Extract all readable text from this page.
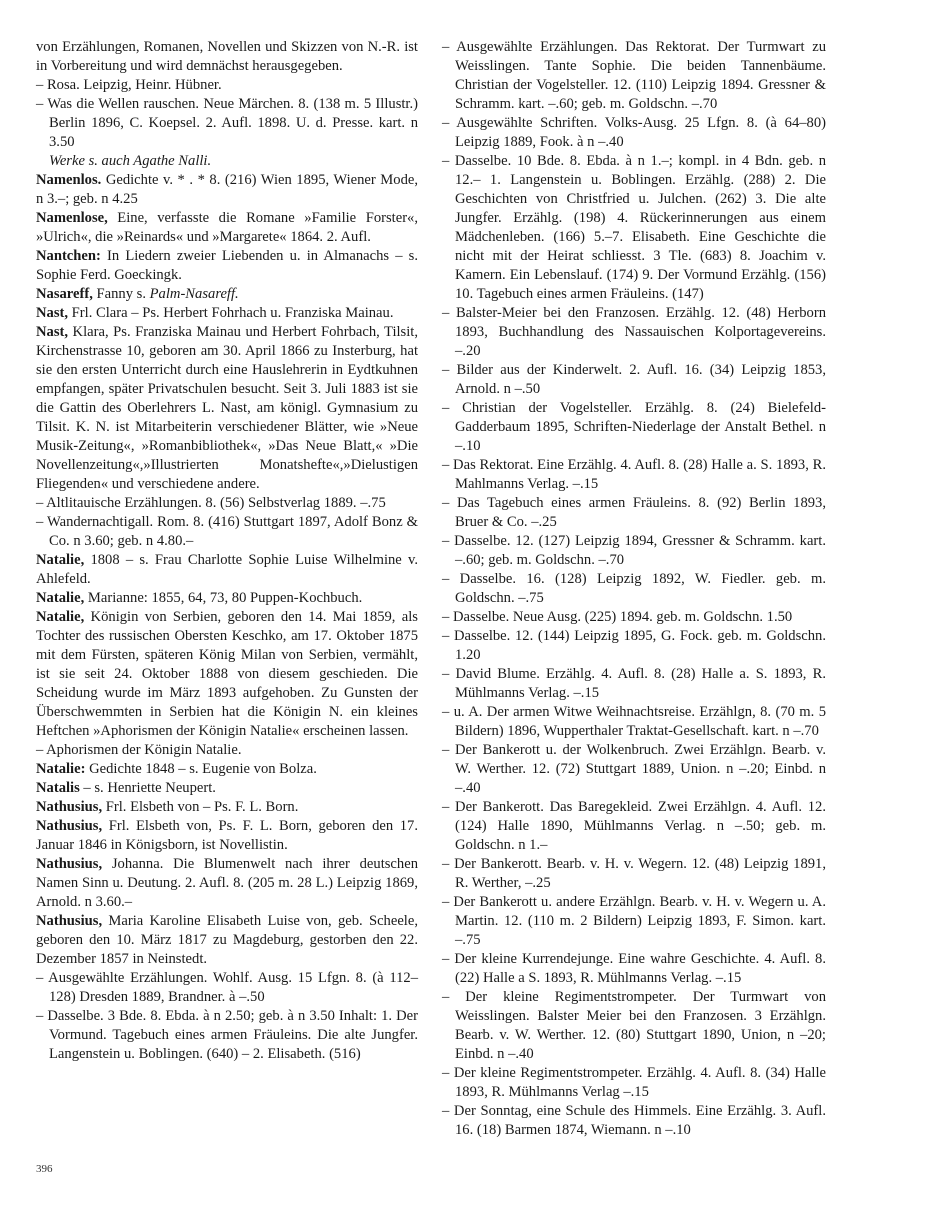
von Erzählungen, Romanen, Novellen und Skizzen von N.-R. ist in Vorbereitung und wird demnächst herausgegeben.

– Rosa. Leipzig, Heinr. Hübner.

– Was die Wellen rauschen. Neue Märchen. 8. (138 m. 5 Illustr.) Berlin 1896, C. Koepsel. 2. Aufl. 1898. U. d. Presse. kart. n 3.50

Werke s. auch Agathe Nalli.

Namenlos. Gedichte v. * . * 8. (216) Wien 1895, Wiener Mode, n 3.–; geb. n 4.25

Namenlose, Eine, verfasste die Romane »Familie Forster«, »Ulrich«, die »Reinards« und »Margarete« 1864. 2. Aufl.

Nantchen: In Liedern zweier Liebenden u. in Almanachs – s. Sophie Ferd. Goeckingk.

Nasareff, Fanny s. Palm-Nasareff.

Nast, Frl. Clara – Ps. Herbert Fohrhach u. Franziska Mainau.

Nast, Klara, Ps. Franziska Mainau und Herbert Fohrbach, Tilsit, Kirchenstrasse 10, geboren am 30. April 1866 zu Insterburg, hat sie den ersten Unterricht durch eine Hauslehrerin in Eydtkuhnen empfangen, später Privatschulen besucht. Seit 3. Juli 1883 ist sie die Gattin des Oberlehrers L. Nast, am königl. Gymnasium zu Tilsit. K. N. ist Mitarbeiterin verschiedener Blätter, wie »Neue Musik-Zeitung«, »Romanbibliothek«, »Das Neue Blatt,« »Die Novellenzeitung«,»Illustrierten Monatshefte«,»Dielustigen Fliegenden« und verschiedene andere.

– Altlitauische Erzählungen. 8. (56) Selbstverlag 1889. –.75

– Wandernachtigall. Rom. 8. (416) Stuttgart 1897, Adolf Bonz & Co. n 3.60; geb. n 4.80.–

Natalie, 1808 – s. Frau Charlotte Sophie Luise Wilhelmine v. Ahlefeld.

Natalie, Marianne: 1855, 64, 73, 80 Puppen-Kochbuch.

Natalie, Königin von Serbien, geboren den 14. Mai 1859, als Tochter des russischen Obersten Keschko, am 17. Oktober 1875 mit dem Fürsten, späteren König Milan von Serbien, vermählt, ist sie seit 24. Oktober 1888 von diesem geschieden. Die Scheidung wurde im März 1893 aufgehoben. Zu Gunsten der Überschwemmten in Serbien hat die Königin N. ein kleines Heftchen »Aphorismen der Königin Natalie« erscheinen lassen.

– Aphorismen der Königin Natalie.

Natalie: Gedichte 1848 – s. Eugenie von Bolza.

Natalis – s. Henriette Neupert.

Nathusius, Frl. Elsbeth von – Ps. F. L. Born.

Nathusius, Frl. Elsbeth von, Ps. F. L. Born, geboren den 17. Januar 1846 in Königsborn, ist Novellistin.

Nathusius, Johanna. Die Blumenwelt nach ihrer deutschen Namen Sinn u. Deutung. 2. Aufl. 8. (205 m. 28 L.) Leipzig 1869, Arnold. n 3.60.–

Nathusius, Maria Karoline Elisabeth Luise von, geb. Scheele, geboren den 10. März 1817 zu Magdeburg, gestorben den 22. Dezember 1857 in Neinstedt.

– Ausgewählte Erzählungen. Wohlf. Ausg. 15 Lfgn. 8. (à 112–128) Dresden 1889, Brandner. à –.50

– Dasselbe. 3 Bde. 8. Ebda. à n 2.50; geb. à n 3.50 Inhalt: 1. Der Vormund. Tagebuch eines armen Fräuleins. Die alte Jungfer. Langenstein u. Boblingen. (640) – 2. Elisabeth. (516)

– Ausgewählte Erzählungen. Das Rektorat. Der Turmwart zu Weisslingen. Tante Sophie. Die beiden Tannenbäume. Christian der Vogelsteller. 12. (110) Leipzig 1894. Gressner & Schramm. kart. –.60; geb. m. Goldschn. –.70

– Ausgewählte Schriften. Volks-Ausg. 25 Lfgn. 8. (à 64–80) Leipzig 1889, Fook. à n –.40

– Dasselbe. 10 Bde. 8. Ebda. à n 1.–; kompl. in 4 Bdn. geb. n 12.– 1. Langenstein u. Boblingen. Erzählg. (288) 2. Die Geschichten von Christfried u. Julchen. (262) 3. Die alte Jungfer. Erzählg. (198) 4. Rückerinnerungen aus einem Mädchenleben. (166) 5.–7. Elisabeth. Eine Geschichte die nicht mit der Heirat schliesst. 3 Tle. (683) 8. Joachim v. Kamern. Ein Lebenslauf. (174) 9. Der Vormund Erzählg. (156) 10. Tagebuch eines armen Fräuleins. (147)

– Balster-Meier bei den Franzosen. Erzählg. 12. (48) Herborn 1893, Buchhandlung des Nassauischen Kolportagevereins. –.20

– Bilder aus der Kinderwelt. 2. Aufl. 16. (34) Leipzig 1853, Arnold. n –.50

– Christian der Vogelsteller. Erzählg. 8. (24) Bielefeld-Gadderbaum 1895, Schriften-Niederlage der Anstalt Bethel. n –.10

– Das Rektorat. Eine Erzählg. 4. Aufl. 8. (28) Halle a. S. 1893, R. Mahlmanns Verlag. –.15

– Das Tagebuch eines armen Fräuleins. 8. (92) Berlin 1893, Bruer & Co. –.25

– Dasselbe. 12. (127) Leipzig 1894, Gressner & Schramm. kart. –.60; geb. m. Goldschn. –.70

– Dasselbe. 16. (128) Leipzig 1892, W. Fiedler. geb. m. Goldschn. –.75

– Dasselbe. Neue Ausg. (225) 1894. geb. m. Goldschn. 1.50

– Dasselbe. 12. (144) Leipzig 1895, G. Fock. geb. m. Goldschn. 1.20

– David Blume. Erzählg. 4. Aufl. 8. (28) Halle a. S. 1893, R. Mühlmanns Verlag. –.15

– u. A. Der armen Witwe Weihnachtsreise. Erzählgn, 8. (70 m. 5 Bildern) 1896, Wupperthaler Traktat-Gesellschaft. kart. n –.70

– Der Bankerott u. der Wolkenbruch. Zwei Erzählgn. Bearb. v. W. Werther. 12. (72) Stuttgart 1889, Union. n –.20; Einbd. n –.40

– Der Bankerott. Das Baregekleid. Zwei Erzählgn. 4. Aufl. 12. (124) Halle 1890, Mühlmanns Verlag. n –.50; geb. m. Goldschn. n 1.–

– Der Bankerott. Bearb. v. H. v. Wegern. 12. (48) Leipzig 1891, R. Werther, –.25

– Der Bankerott u. andere Erzählgn. Bearb. v. H. v. Wegern u. A. Martin. 12. (110 m. 2 Bildern) Leipzig 1893, F. Simon. kart. –.75

– Der kleine Kurrendejunge. Eine wahre Geschichte. 4. Aufl. 8. (22) Halle a S. 1893, R. Mühlmanns Verlag. –.15

– Der kleine Regimentstrompeter. Der Turmwart von Weisslingen. Balster Meier bei den Franzosen. 3 Erzählgn. Bearb. v. W. Werther. 12. (80) Stuttgart 1890, Union, n –20; Einbd. n –.40

– Der kleine Regimentstrompeter. Erzählg. 4. Aufl. 8. (34) Halle 1893, R. Mühlmanns Verlag –.15

– Der Sonntag, eine Schule des Himmels. Eine Erzählg. 3. Aufl. 16. (18) Barmen 1874, Wiemann. n –.10

396
